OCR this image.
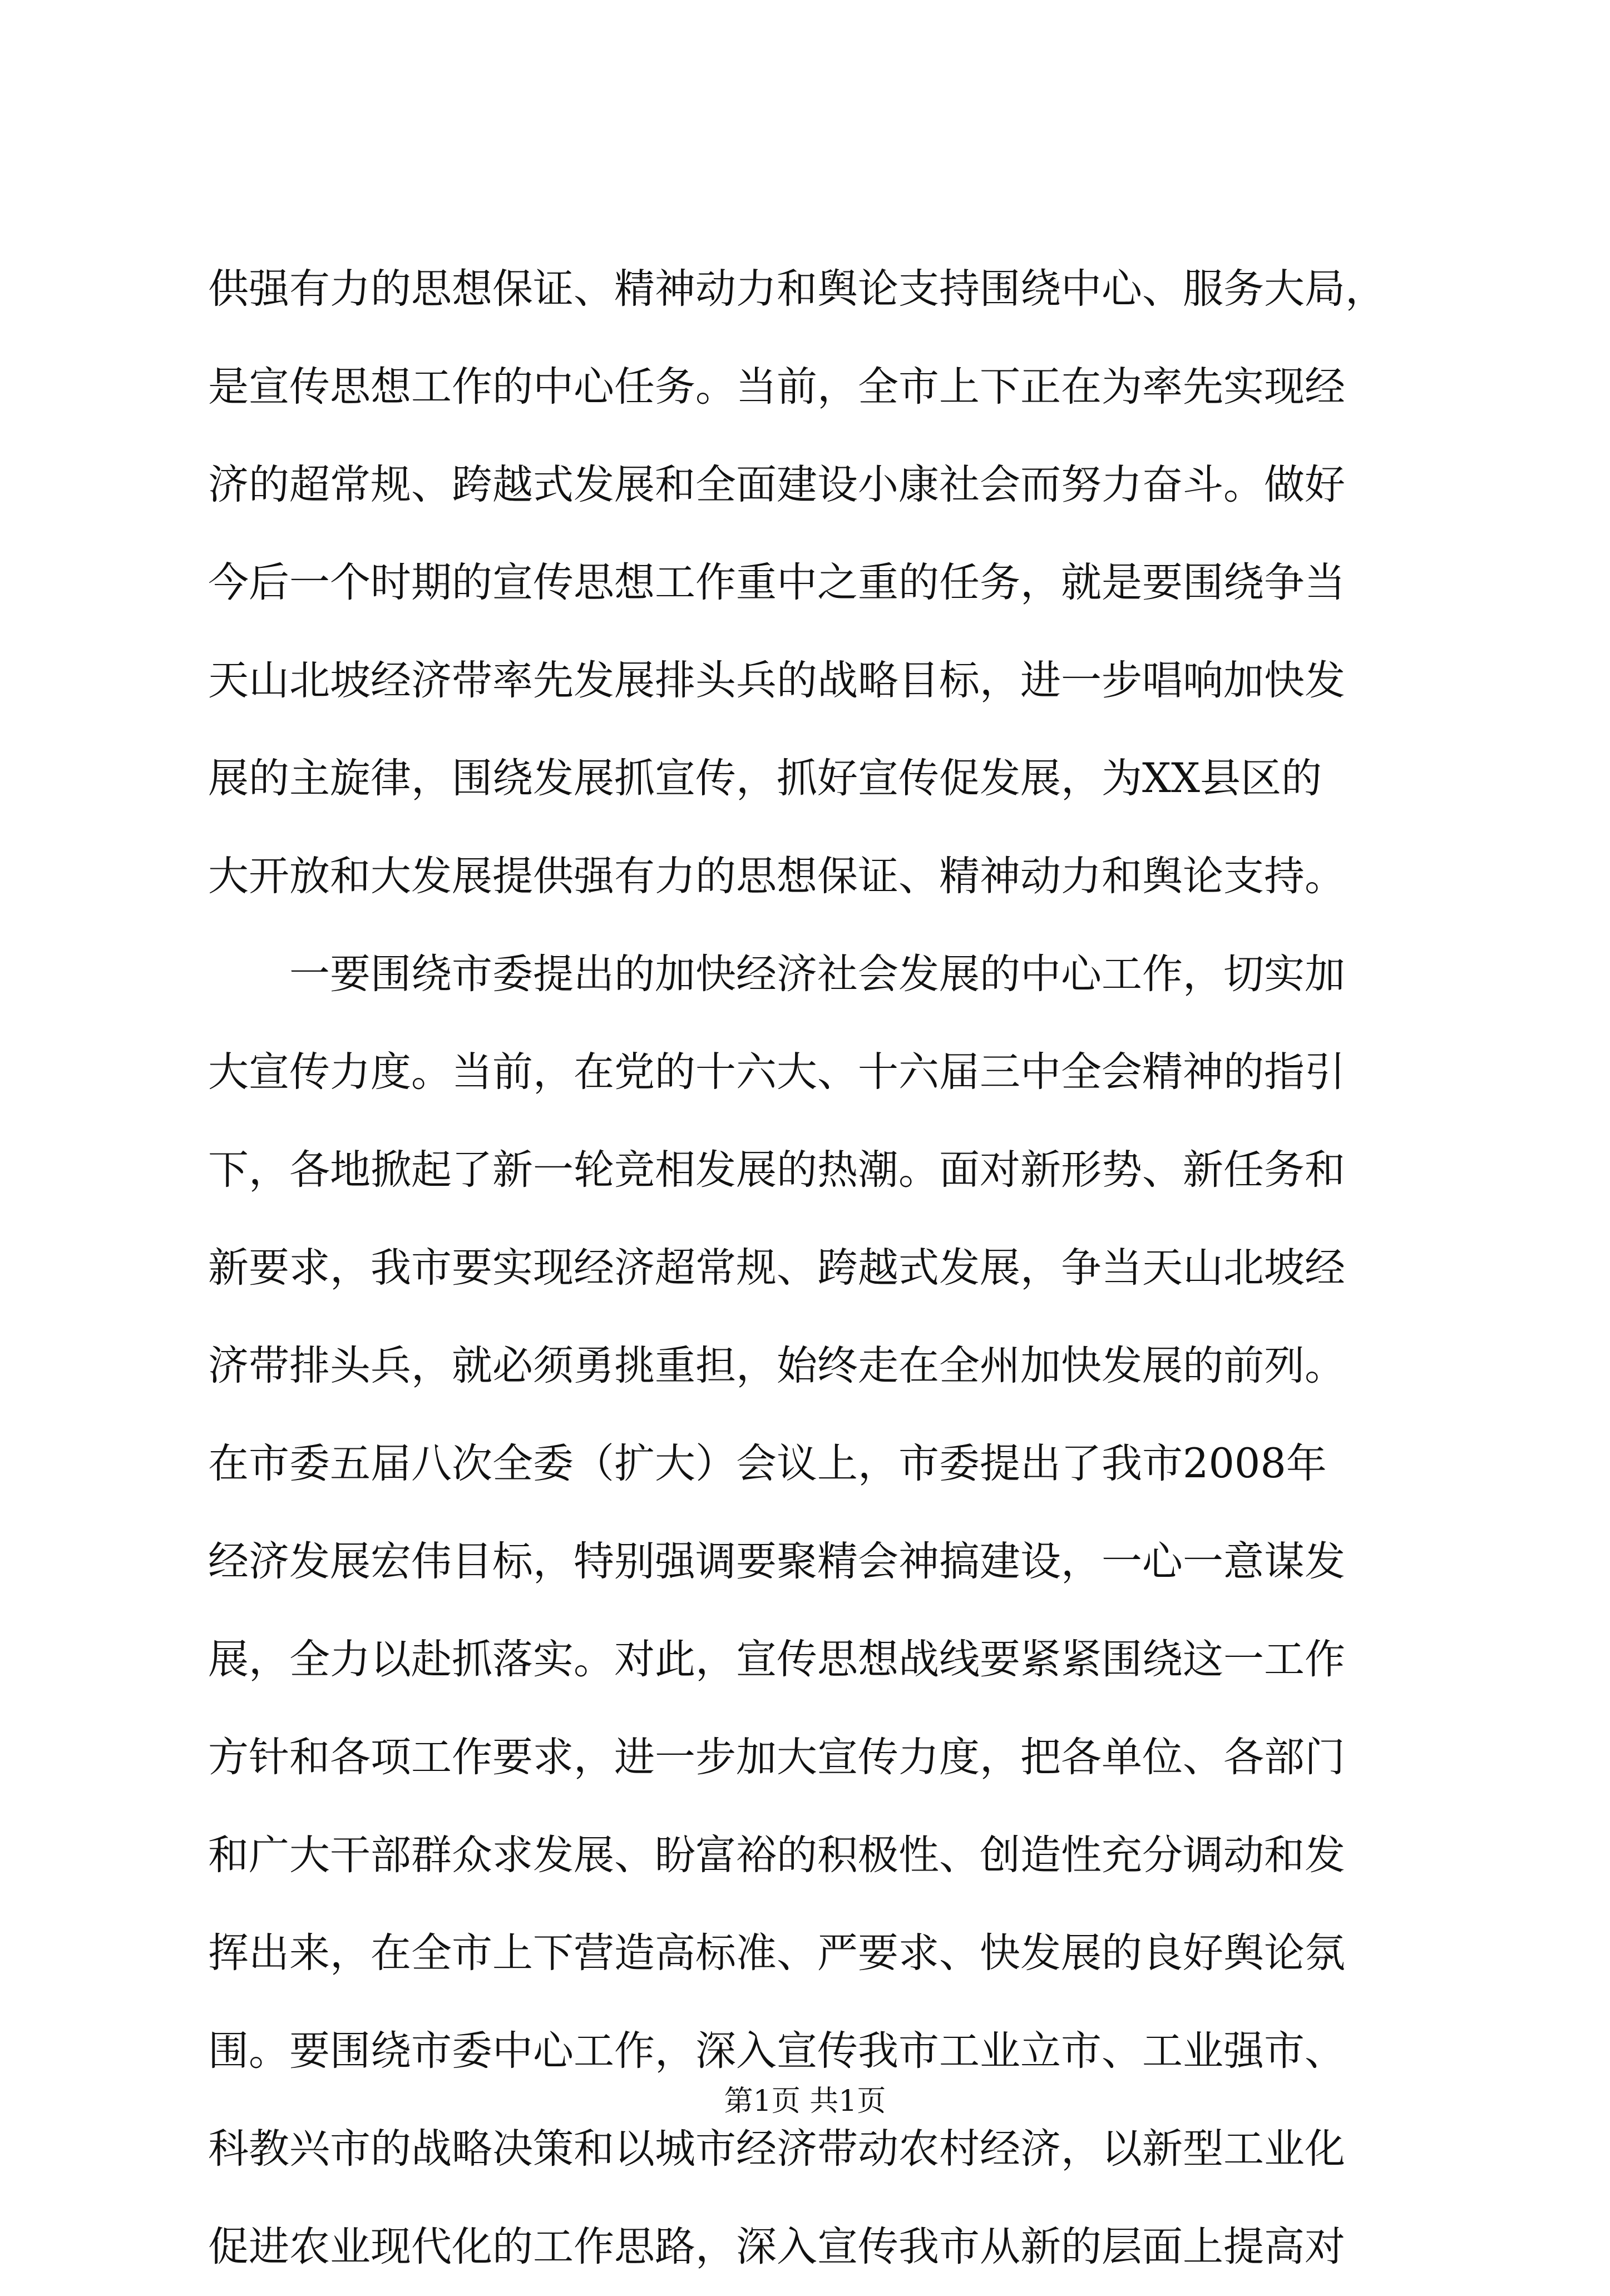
供强有力的思想保证、精神动力和舆论支持围绕中心、服务大局，
是宣传思想工作的中心任务。当前，全市上下正在为率先实现经
济的超常规、跨越式发展和全面建设小康社会而努力奋斗。做好
今后一个时期的宣传思想工作重中之重的任务，就是要围绕争当
天山北坡经济带率先发展排头兵的战略目标，进一步唱响加快发
展的主旋律，围绕发展抓宣传，抓好宣传促发展，为XX县区的
大开放和大发展提供强有力的思想保证、精神动力和舆论支持。
一要围绕市委提出的加快经济社会发展的中心工作，切实加
大宣传力度。当前，在党的十六大、十六届三中全会精神的指引
下，各地掀起了新一轮竞相发展的热潮。面对新形势、新任务和
新要求，我市要实现经济超常规、跨越式发展，争当天山北坡经
济带排头兵，就必须勇挑重担，始终走在全州加快发展的前列。
在市委五届八次全委（扩大）会议上，市委提出了我市2008年
经济发展宏伟目标，特别强调要聚精会神搞建设，一心一意谋发
展，全力以赴抓落实。对此，宣传思想战线要紧紧围绕这一工作
方针和各项工作要求，进一步加大宣传力度，把各单位、各部门
和广大干部群众求发展、盼富裕的积极性、创造性充分调动和发
挥出来，在全市上下营造高标准、严要求、快发展的良好舆论氛
围。要围绕市委中心工作，深入宣传我市工业立市、工业强市、
科教兴市的战略决策和以城市经济带动农村经济，以新型工业化
促进农业现代化的工作思路，深入宣传我市从新的层面上提高对
第1页 共1页
